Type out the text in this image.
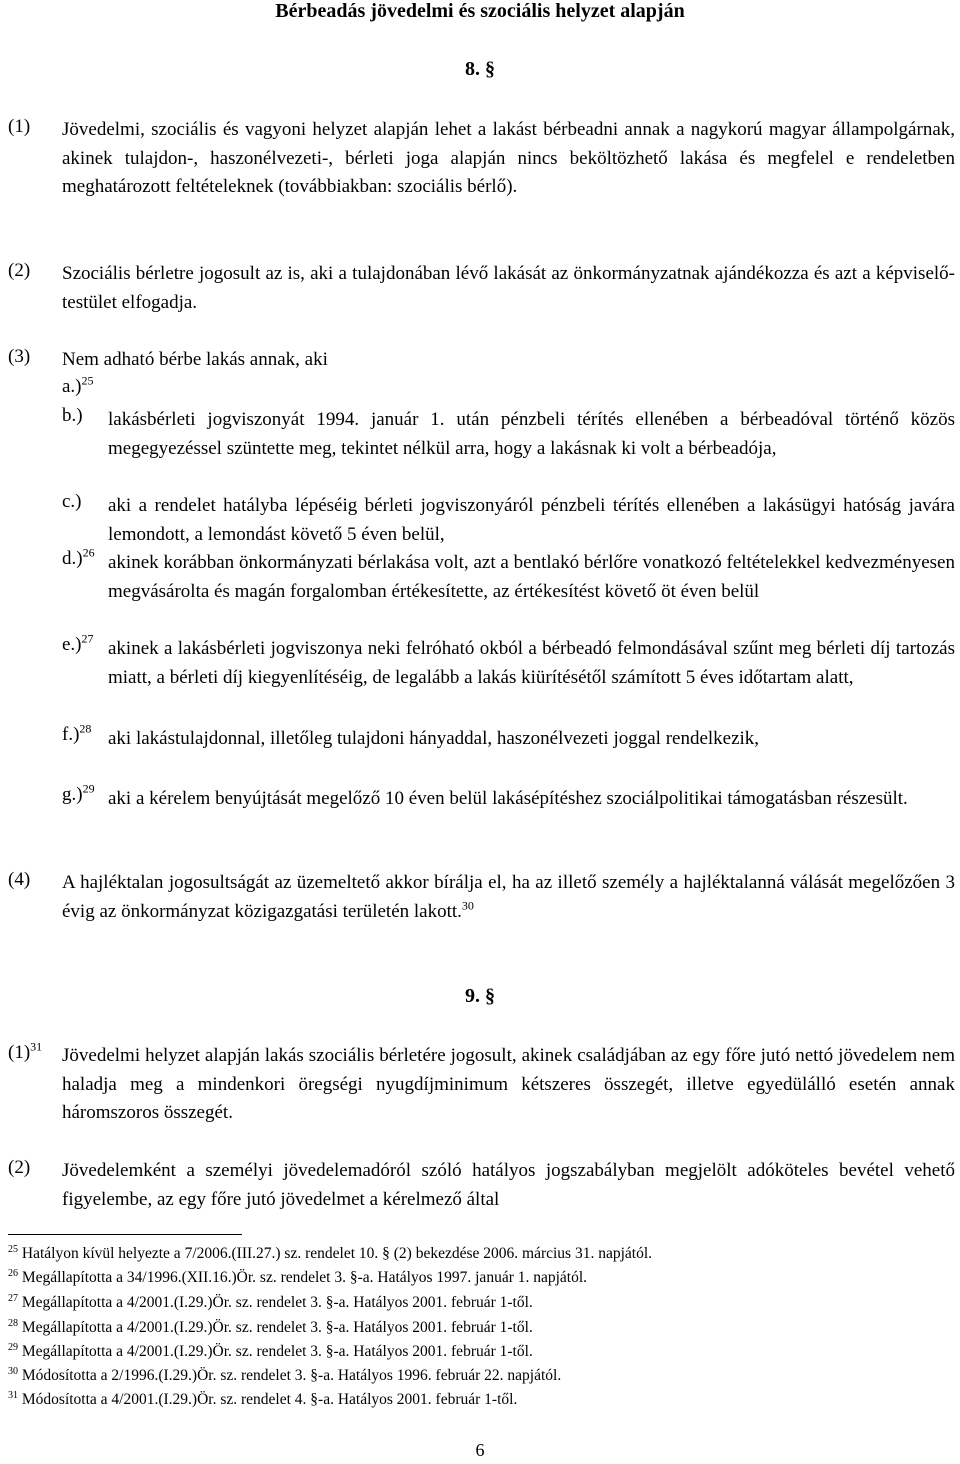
Bérbeadás jövedelmi és szociális helyzet alapján
8. §
(1) Jövedelmi, szociális és vagyoni helyzet alapján lehet a lakást bérbeadni annak a nagykorú magyar állampolgárnak, akinek tulajdon-, haszonélvezeti-, bérleti joga alapján nincs beköltözhető lakása és megfelel e rendeletben meghatározott feltételeknek (továbbiakban: szociális bérlő).
(2) Szociális bérletre jogosult az is, aki a tulajdonában lévő lakását az önkormányzatnak ajándékozza és azt a képviselő-testület elfogadja.
(3) Nem adható bérbe lakás annak, aki
a.)$^{25}$
b.) lakásbérleti jogviszonyát 1994. január 1. után pénzbeli térítés ellenében a bérbeadóval történő közös megegyezéssel szüntette meg, tekintet nélkül arra, hogy a lakásnak ki volt a bérbeadója,
c.) aki a rendelet hatályba lépéséig bérleti jogviszonyáról pénzbeli térítés ellenében a lakásügyi hatóság javára lemondott, a lemondást követő 5 éven belül,
d.)$^{26}$ akinek korábban önkormányzati bérlakása volt, azt a bentlakó bérlőre vonatkozó feltételekkel kedvezményesen megvásárolta és magán forgalomban értékesítette, az értékesítést követő öt éven belül
e.)$^{27}$ akinek a lakásbérleti jogviszonya neki felróható okból a bérbeadó felmondásával szűnt meg bérleti díj tartozás miatt, a bérleti díj kiegyenlítéséig, de legalább a lakás kiürítésétől számított 5 éves időtartam alatt,
f.)$^{28}$ aki lakástulajdonnal, illetőleg tulajdoni hányaddal, haszonélvezeti joggal rendelkezik,
g.)$^{29}$ aki a kérelem benyújtását megelőző 10 éven belül lakásépítéshez szociálpolitikai támogatásban részesült.
(4) A hajléktalan jogosultságát az üzemeltető akkor bírálja el, ha az illető személy a hajléktalanná válását megelőzően 3 évig az önkormányzat közigazgatási területén lakott.$^{30}$
9. §
$(1)^{31}$ Jövedelmi helyzet alapján lakás szociális bérletére jogosult, akinek családjában az egy főre jutó nettó jövedelem nem haladja meg a mindenkori öregségi nyugdíjminimum kétszeres összegét, illetve egyedülálló esetén annak háromszoros összegét.
(2) Jövedelemként a személyi jövedelemadóról szóló hatályos jogszabályban megjelölt adóköteles bevétel vehető figyelembe, az egy főre jutó jövedelmet a kérelmező által
$^{25}$ Hatályon kívül helyezte a 7/2006.(III.27.) sz. rendelet 10. § (2) bekezdése 2006. március 31. napjától.
$^{26}$ Megállapította a 34/1996.(XII.16.)Ör. sz. rendelet 3. §-a. Hatályos 1997. január 1. napjától.
$^{27}$ Megállapította a 4/2001.(I.29.)Ör. sz. rendelet 3. §-a. Hatályos 2001. február 1-től.
$^{28}$ Megállapította a 4/2001.(I.29.)Ör. sz. rendelet 3. §-a. Hatályos 2001. február 1-től.
$^{29}$ Megállapította a 4/2001.(I.29.)Ör. sz. rendelet 3. §-a. Hatályos 2001. február 1-től.
$^{30}$ Módosította a 2/1996.(I.29.)Ör. sz. rendelet 3. §-a. Hatályos 1996. február 22. napjától.
$^{31}$ Módosította a 4/2001.(I.29.)Ör. sz. rendelet 4. §-a. Hatályos 2001. február 1-től.
6
